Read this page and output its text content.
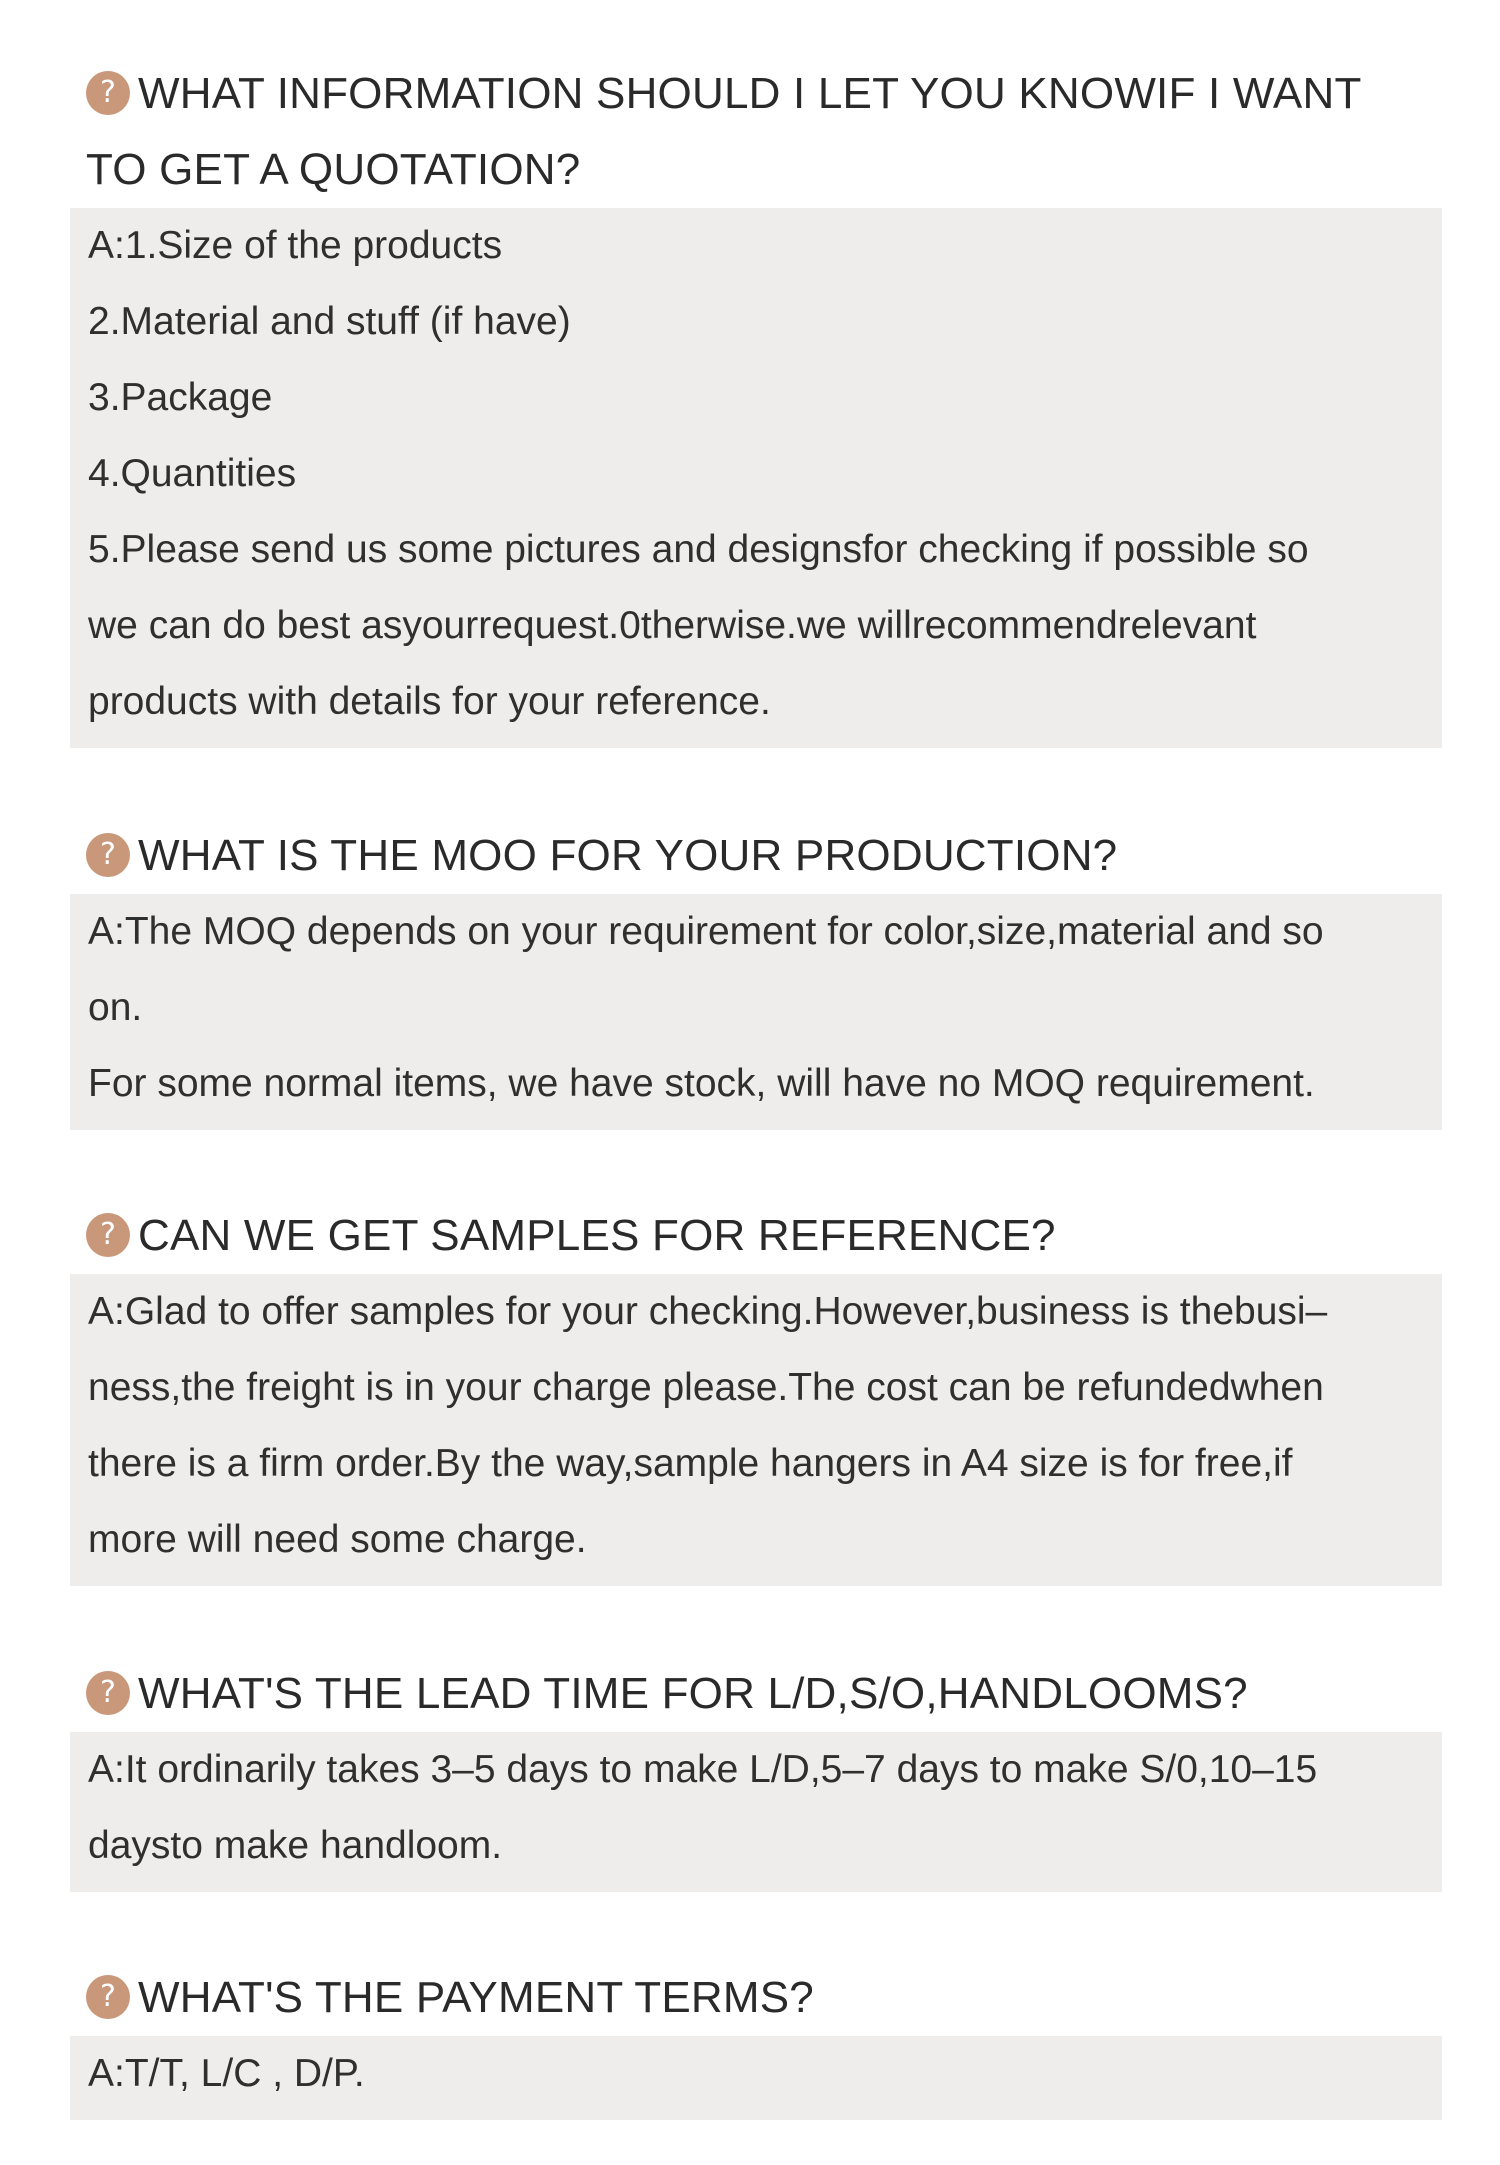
? WHAT INFORMATION SHOULD I LET YOU KNOWIF I WANT
TO GET A QUOTATION?
A:1.Size of the products
2.Material and stuff (if have)
3.Package
4.Quantities
5.Please send us some pictures and designsfor checking if possible so
we can do best asyourrequest.0therwise.we willrecommendrelevant
products with details for your reference.
? WHAT IS THE MOO FOR YOUR PRODUCTION?
A:The MOQ depends on your requirement for color,size,material and so
on.
For some normal items, we have stock, will have no MOQ requirement.
? CAN WE GET SAMPLES FOR REFERENCE?
A:Glad to offer samples for your checking.However,business is thebusi–
ness,the freight is in your charge please.The cost can be refundedwhen
there is a firm order.By the way,sample hangers in A4 size is for free,if
more will need some charge.
? WHAT'S THE LEAD TIME FOR L/D,S/O,HANDLOOMS?
A:It ordinarily takes 3–5 days to make L/D,5–7 days to make S/0,10–15
daysto make handloom.
? WHAT'S THE PAYMENT TERMS?
A:T/T, L/C , D/P.
